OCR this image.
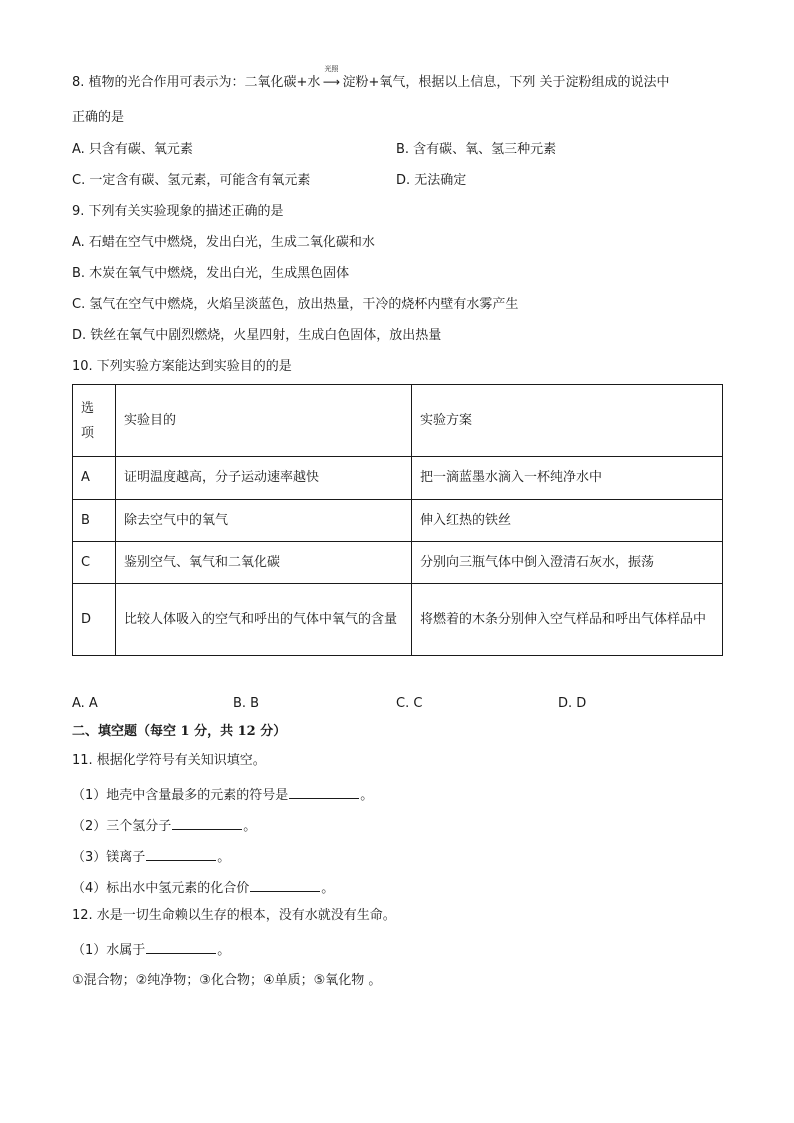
8. 植物的光合作用可表示为：二氧化碳+水
光照
⟶ 淀粉+氧气，根据以上信息，下列 关于淀粉组成的说法中
正确的是
A. 只含有碳、氧元素	B. 含有碳、氧、氢三种元素
C. 一定含有碳、氢元素，可能含有氧元素	D. 无法确定
9. 下列有关实验现象的描述正确的是
A. 石蜡在空气中燃烧，发出白光，生成二氧化碳和水
B. 木炭在氧气中燃烧，发出白光，生成黑色固体
C. 氢气在空气中燃烧，火焰呈淡蓝色，放出热量，干冷的烧杯内壁有水雾产生
D. 铁丝在氧气中剧烈燃烧，火星四射，生成白色固体，放出热量
10. 下列实验方案能达到实验目的的是
选项	实验目的	实验方案
A	证明温度越高，分子运动速率越快	把一滴蓝墨水滴入一杯纯净水中
B	除去空气中的氧气	伸入红热的铁丝
C	鉴别空气、氧气和二氧化碳	分别向三瓶气体中倒入澄清石灰水，振荡
D	比较人体吸入的空气和呼出的气体中氧气的含量	将燃着的木条分别伸入空气样品和呼出气体样品中
A. A	B. B	C. C	D. D
二、填空题（每空 1 分，共 12 分）
11. 根据化学符号有关知识填空。
（1）地壳中含量最多的元素的符号是	。
（2）三个氢分子	。
（3）镁离子	。
（4）标出水中氢元素的化合价	。
12. 水是一切生命赖以生存的根本，没有水就没有生命。
（1）水属于	。
①混合物；②纯净物；③化合物；④单质；⑤氧化物 。
